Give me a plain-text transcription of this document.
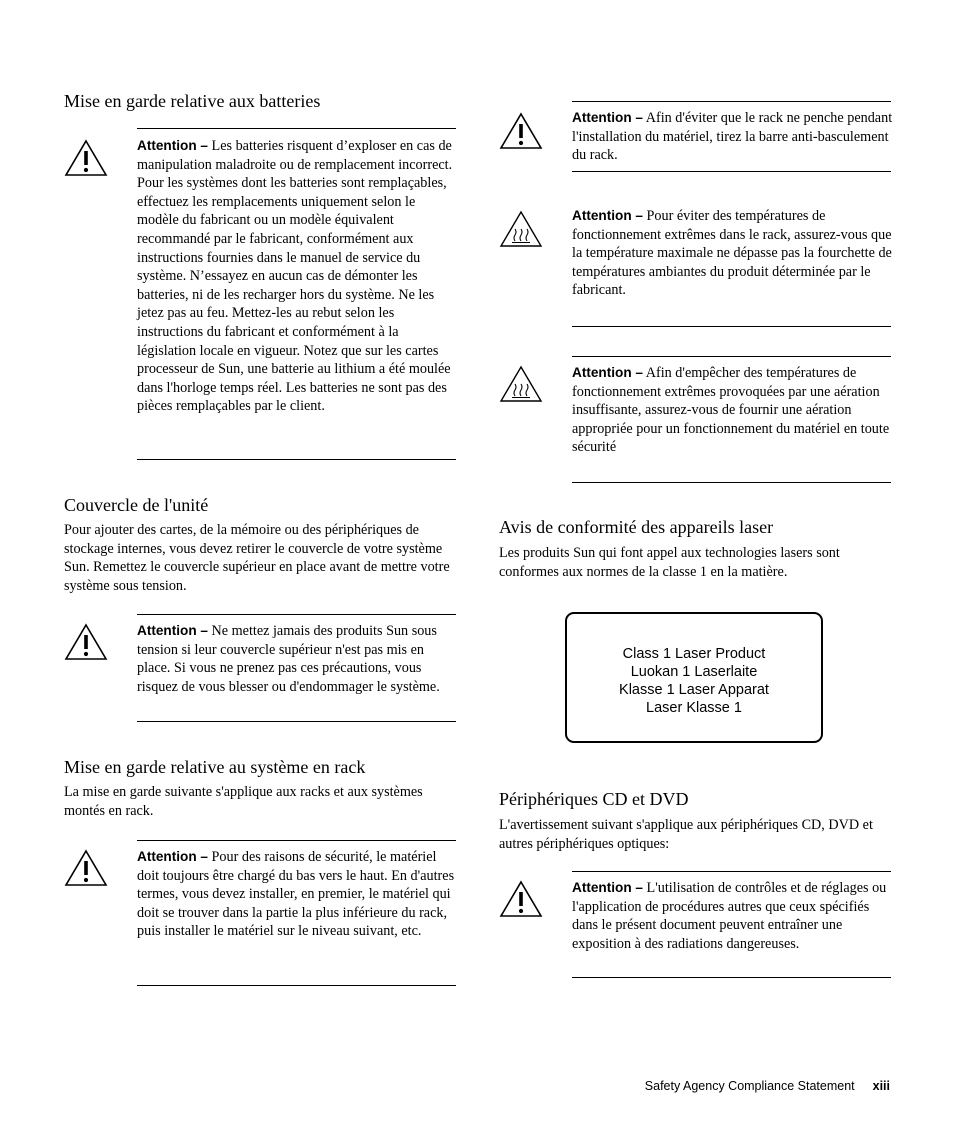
Mise en garde relative aux batteries

Attention – Les batteries risquent d’exploser en cas de manipulation maladroite ou de remplacement incorrect. Pour les systèmes dont les batteries sont remplaçables, effectuez les remplacements uniquement selon le modèle du fabricant ou un modèle équivalent recommandé par le fabricant, conformément aux instructions fournies dans le manuel de service du système. N’essayez en aucun cas de démonter les batteries, ni de les recharger hors du système. Ne les jetez pas au feu. Mettez-les au rebut selon les instructions du fabricant et conformément à la législation locale en vigueur. Notez que sur les cartes processeur de Sun, une batterie au lithium a été moulée dans l'horloge temps réel. Les batteries ne sont pas des pièces remplaçables par le client.

Couvercle de l'unité

Pour ajouter des cartes, de la mémoire ou des périphériques de stockage internes, vous devez retirer le couvercle de votre système Sun. Remettez le couvercle supérieur en place avant de mettre votre système sous tension.

Attention – Ne mettez jamais des produits Sun sous tension si leur couvercle supérieur n'est pas mis en place. Si vous ne prenez pas ces précautions, vous risquez de vous blesser ou d'endommager le système.

Mise en garde relative au système en rack

La mise en garde suivante s'applique aux racks et aux systèmes montés en rack.

Attention – Pour des raisons de sécurité, le matériel doit toujours être chargé du bas vers le haut. En d'autres termes, vous devez installer, en premier, le matériel qui doit se trouver dans la partie la plus inférieure du rack, puis installer le matériel sur le niveau suivant, etc.

Attention – Afin d'éviter que le rack ne penche pendant l'installation du matériel, tirez la barre anti-basculement du rack.

Attention – Pour éviter des températures de fonctionnement extrêmes dans le rack, assurez-vous que la température maximale ne dépasse pas la fourchette de températures ambiantes du produit déterminée par le fabricant.

Attention – Afin d'empêcher des températures de fonctionnement extrêmes provoquées par une aération insuffisante, assurez-vous de fournir une aération appropriée pour un fonctionnement du matériel en toute sécurité

Avis de conformité des appareils laser

Les produits Sun qui font appel aux technologies lasers sont conformes aux normes de la classe 1 en la matière.

Périphériques CD et DVD

L'avertissement suivant s'applique aux périphériques CD, DVD et autres périphériques optiques:

Attention – L'utilisation de contrôles et de réglages ou l'application de procédures autres que ceux spécifiés dans le présent document peuvent entraîner une exposition à des radiations dangereuses.

Class 1 Laser Product
Luokan 1 Laserlaite
Klasse 1 Laser Apparat
Laser Klasse 1
Safety Agency Compliance Statement xiii
